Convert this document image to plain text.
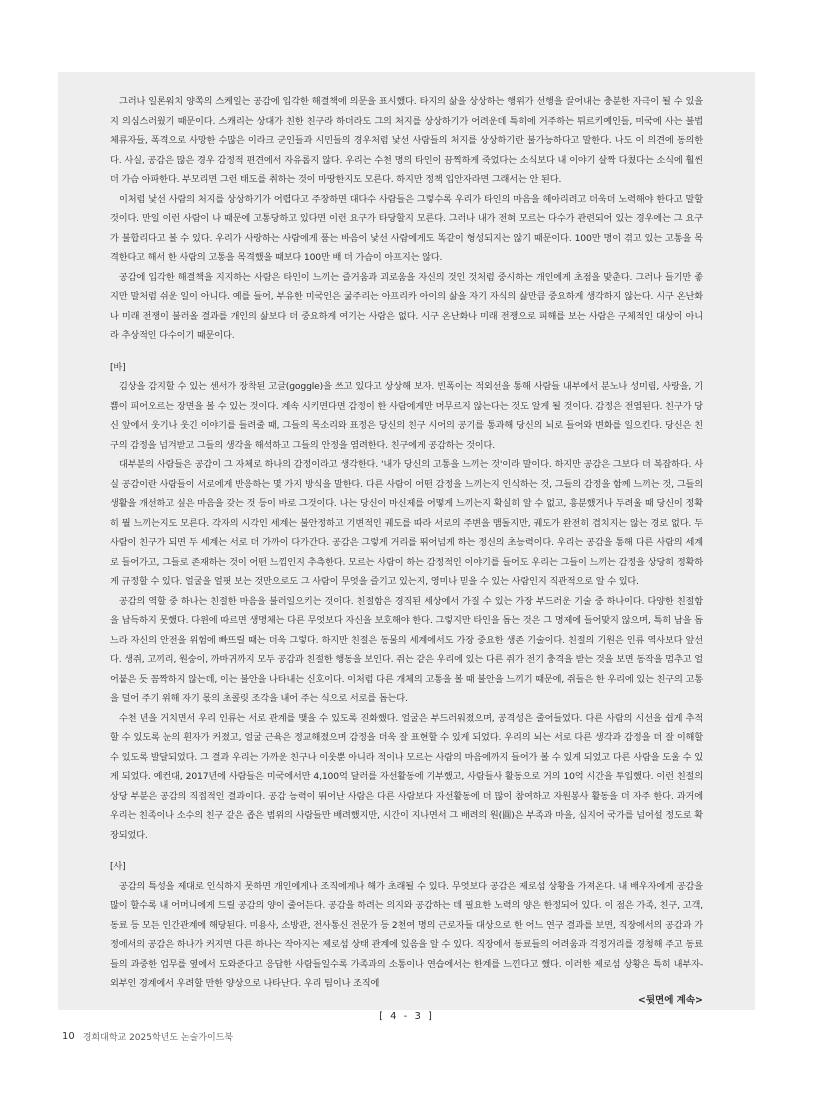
그러나 일론워치 양쪽의 스케일는 공감에 입각한 해결책에 의문을 표시했다. 타지의 삶을 상상하는 행위가 선행을 끌어내는 충분한 자극이 될 수 있을지 의심스러웠기 때문이다. 스캐리는 상대가 친한 친구라 하더라도 그의 처지를 상상하기가 어려운데 특히에 거주하는 튀르키예인들, 미국에 사는 불법체류자들, 폭격으로 사망한 수많은 이라크 군인들과 시민들의 경우처럼 낯선 사람들의 처지를 상상하기란 불가능하다고 말한다. 나도 이 의견에 동의한다. 사실, 공감은 많은 경우 감정적 편견에서 자유롭지 않다. 우리는 수천 명의 타인이 끔찍하게 죽었다는 소식보다 내 이야기 살짝 다쳤다는 소식에 훨씬 더 가슴 아파한다. 부모리면 그런 태도를 취하는 것이 마땅한지도 모른다. 하지만 정책 입안자라면 그래서는 안 된다.

이처럼 낯선 사람의 처지를 상상하기가 어렵다고 주장하면 대다수 사람들은 그렇수록 우리가 타인의 마음을 헤아리려고 더욱더 노력해야 한다고 말할 것이다. 만일 이런 사람이 나 때문에 고통당하고 있다면 이런 요구가 타당할지 모른다. 그러나 내가 전혀 모르는 다수가 관련되어 있는 경우에는 그 요구가 불합리다고 볼 수 있다. 우리가 사랑하는 사람에게 품는 바음이 낯선 사람에게도 똑같이 형성되지는 않기 때문이다. 100만 명이 겪고 있는 고통을 목격한다고 해서 한 사람의 고통을 목격했을 때보다 100만 배 더 가슴이 아프지는 않다.

공감에 입각한 해결책을 지지하는 사람은 타인이 느끼는 즐거움과 괴로움을 자신의 것인 것처럼 중시하는 개인에게 초점을 맞춘다. 그러나 들기만 좋지만 말처럼 쉬운 일이 아니다. 예를 들어, 부유한 미국인은 굶주리는 아프리카 아이의 삶을 자기 자식의 삶만큼 중요하게 생각하지 않는다. 시구 온난화나 미래 전쟁이 불러올 결과를 개인의 삶보다 더 중요하게 여기는 사람은 없다. 시구 온난화나 미래 전쟁으로 피해를 보는 사람은 구체적인 대상이 아니라 추상적인 다수이기 때문이다.

[바]

김상을 감지할 수 있는 센서가 장착된 고글(goggle)을 쓰고 있다고 상상해 보자. 빈폭이는 적외선을 통해 사람들 내부에서 분노나 성미림, 사랑을, 기쁨이 피어오르는 장면을 볼 수 있는 것이다. 계속 시키면다면 감정이 한 사람에게만 머무르지 않는다는 것도 알게 될 것이다. 감정은 전염된다. 친구가 당신 앞에서 웃기나 웃긴 이야기를 들려줄 때, 그들의 목소리와 표정은 당신의 친구 시어의 공기를 통과해 당신의 뇌로 들어와 변화를 일으킨다. 당신은 친구의 감정을 넘겨받고 그들의 생각을 해석하고 그들의 안정을 염려한다. 친구에게 공감하는 것이다.

대부분의 사람들은 공감이 그 자체로 하나의 감정이라고 생각한다. '내가 당신의 고통을 느끼는 것'이라 말이다. 하지만 공감은 그보다 더 복잡하다. 사실 공감이란 사람들이 서로에게 반응하는 몇 가지 방식을 말한다. 다른 사람이 어떤 감정을 느끼는지 인식하는 것, 그들의 감정을 함께 느끼는 것, 그들의 생활을 개선하고 싶은 마음을 갖는 것 등이 바로 그것이다. 나는 당신이 마신제를 어떻게 느끼는지 확실히 알 수 없고, 흥분했거나 두려울 때 당신이 정확히 뭘 느끼는지도 모른다. 각자의 시각인 세계는 불안정하고 기변적인 궤도를 따라 서로의 주변을 맴돌지만, 궤도가 완전히 겹치지는 않는 경로 없다. 두 사람이 친구가 되면 두 세계는 서로 더 가까이 다가간다. 공감은 그렇게 거리를 뛰어넘게 하는 정신의 초능력이다. 우리는 공감을 통해 다른 사람의 세계로 들어가고, 그들로 존재하는 것이 어떤 느낌인지 추측한다. 모르는 사람이 하는 감정적인 이야기를 들어도 우리는 그들이 느끼는 감정을 상당히 정확하게 규정할 수 있다. 얼굴을 얼핏 보는 것만으로도 그 사람이 무엇을 즐기고 있는지, 영미나 믿을 수 있는 사람인지 직관적으로 알 수 있다.

공감의 역할 중 하나는 친절한 마음을 불러일으키는 것이다. 친절함은 경직된 세상에서 가질 수 있는 가장 부드러운 기술 중 하나이다. 다양한 친절함을 납득하지 못했다. 다윈에 따르면 생명체는 다른 무엇보다 자신을 보호해야 한다. 그렇지만 타인을 돕는 것은 그 명제에 들어맞지 않으며, 특히 남을 돕느라 자신의 안전을 위험에 빠뜨릴 때는 더욱 그렇다. 하지만 친절은 동물의 세계에서도 가장 중요한 생존 기술이다. 친절의 기원은 인류 역사보다 앞선다. 생쥐, 고끼리, 원숭이, 까마귀까지 모두 공감과 친절한 행동을 보인다. 쥐는 같은 우리에 있는 다른 쥐가 전기 충격을 받는 것을 보면 동작을 멈추고 얼어붙은 듯 꼼짝하지 않는데, 이는 불안을 나타내는 신호이다. 이처럼 다른 개체의 고통을 볼 때 불안을 느끼기 때문에, 쥐들은 한 우리에 있는 친구의 고통을 덜어 주기 위해 자기 몫의 초콜릿 조각을 내어 주는 식으로 서로를 돕는다.

수천 년을 거치면서 우리 인류는 서로 관계를 맺을 수 있도록 진화했다. 얼굴은 부드러워졌으며, 공격성은 줄어들었다. 다른 사람의 시선을 쉽게 추적할 수 있도록 눈의 흰자가 커졌고, 얼굴 근육은 정교해졌으며 감정을 더욱 잘 표현할 수 있게 되었다. 우리의 뇌는 서로 다른 생각과 감정을 더 잘 이해할 수 있도록 발달되었다. 그 결과 우리는 가까운 친구나 이웃뿐 아니라 적이나 모르는 사람의 마음에까지 들어가 볼 수 있게 되었고 다른 사람을 도울 수 있게 되었다. 예컨대, 2017년에 사람들은 미국에서만 4,100억 달러를 자선활동에 기부했고, 사람들사 활동으로 거의 10억 시간을 투입했다. 이런 친절의 상당 부분은 공감의 직접적인 결과이다. 공감 능력이 뛰어난 사람은 다른 사람보다 자선활동에 더 많이 참여하고 자원봉사 활동을 더 자주 한다. 과거에 우리는 친족이나 소수의 친구 같은 좁은 범위의 사람들만 배려했지만, 시간이 지나면서 그 배려의 원(圓)은 부족과 마을, 심지어 국가를 넘어설 정도로 확장되었다.

[사]

공감의 특성을 제대로 인식하지 못하면 개인에게나 조직에게나 해가 초래될 수 있다. 무엇보다 공감은 제로섬 상황을 가져온다. 내 배우자에게 공감을 많이 할수록 내 어머니에게 드릴 공감의 양이 줄어든다. 공감을 하려는 의지와 공감하는 데 필요한 노력의 양은 한정되어 있다. 이 점은 가족, 친구, 고객, 동료 등 모든 인간관계에 해당된다. 미용사, 소방관, 전사통신 전문가 등 2천여 명의 근로자들 대상으로 한 어느 연구 결과를 보면, 직장에서의 공감과 가정에서의 공감은 하나가 커지면 다른 하나는 작아지는 제로섬 상태 관계에 있음을 알 수 있다. 직장에서 동료들의 어려움과 걱정거리를 경청해 주고 동료들의 과중한 업무를 옆에서 도와준다고 응답한 사람들일수록 가족과의 소통이나 연습에서는 한계를 느낀다고 했다. 이러한 제로섬 상황은 특히 내부자-외부인 경계에서 우려할 만한 양상으로 나타난다. 우리 팀이나 조직에

<뒷면에 계속>
[ 4 - 3 ]
10 경희대학교 2025학년도 논술가이드북
